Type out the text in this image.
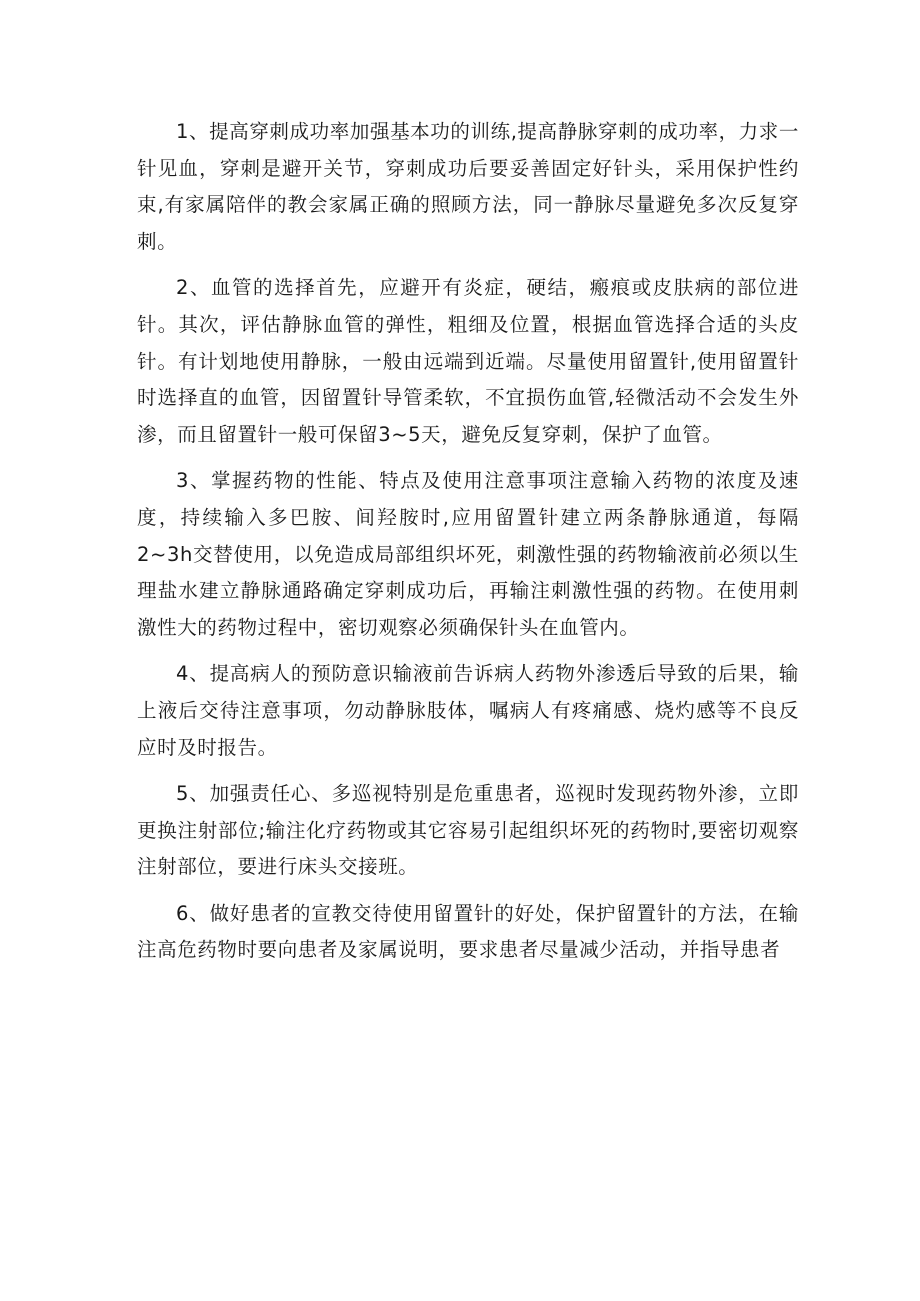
1、提高穿刺成功率加强基本功的训练,提高静脉穿刺的成功率，力求一针见血，穿刺是避开关节，穿刺成功后要妥善固定好针头，采用保护性约束,有家属陪伴的教会家属正确的照顾方法，同一静脉尽量避免多次反复穿刺。

2、血管的选择首先，应避开有炎症，硬结，瘢痕或皮肤病的部位进针。其次，评估静脉血管的弹性，粗细及位置，根据血管选择合适的头皮针。有计划地使用静脉，一般由远端到近端。尽量使用留置针,使用留置针时选择直的血管，因留置针导管柔软，不宜损伤血管,轻微活动不会发生外渗，而且留置针一般可保留3~5天，避免反复穿刺，保护了血管。

3、掌握药物的性能、特点及使用注意事项注意输入药物的浓度及速度，持续输入多巴胺、间羟胺时,应用留置针建立两条静脉通道，每隔2~3h交替使用，以免造成局部组织坏死，刺激性强的药物输液前必须以生理盐水建立静脉通路确定穿刺成功后，再输注刺激性强的药物。在使用刺激性大的药物过程中，密切观察必须确保针头在血管内。

4、提高病人的预防意识输液前告诉病人药物外渗透后导致的后果，输上液后交待注意事项，勿动静脉肢体，嘱病人有疼痛感、烧灼感等不良反应时及时报告。

5、加强责任心、多巡视特别是危重患者，巡视时发现药物外渗，立即更换注射部位;输注化疗药物或其它容易引起组织坏死的药物时,要密切观察注射部位，要进行床头交接班。

6、做好患者的宣教交待使用留置针的好处，保护留置针的方法，在输注高危药物时要向患者及家属说明，要求患者尽量减少活动，并指导患者
